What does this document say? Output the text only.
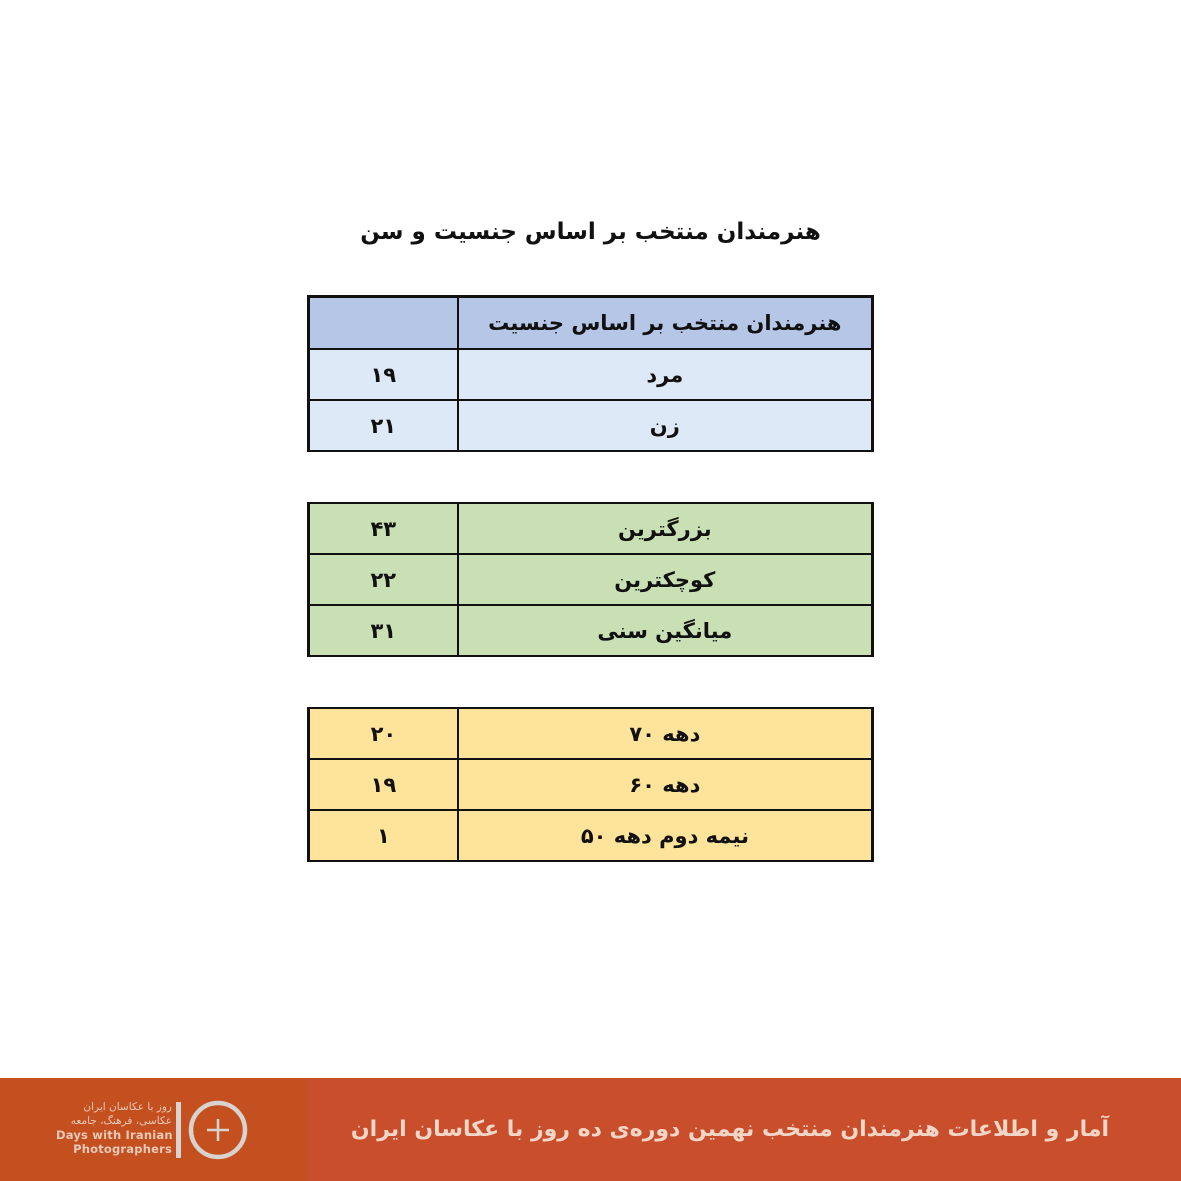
هنرمندان منتخب بر اساس جنسیت و سن
هنرمندان منتخب بر اساس جنسیت	
مرد	۱۹
زن	۲۱
بزرگترین	۴۳
کوچکترین	۲۲
میانگین سنی	۳۱
دهه ۷۰	۲۰
دهه ۶۰	۱۹
نیمه دوم دهه ۵۰	۱
روز با عکاسان ایران
عکاسی، فرهنگ، جامعه
Days with Iranian
Photographers
آمار و اطلاعات هنرمندان منتخب نهمین دوره‌ی ده روز با عکاسان ایران
